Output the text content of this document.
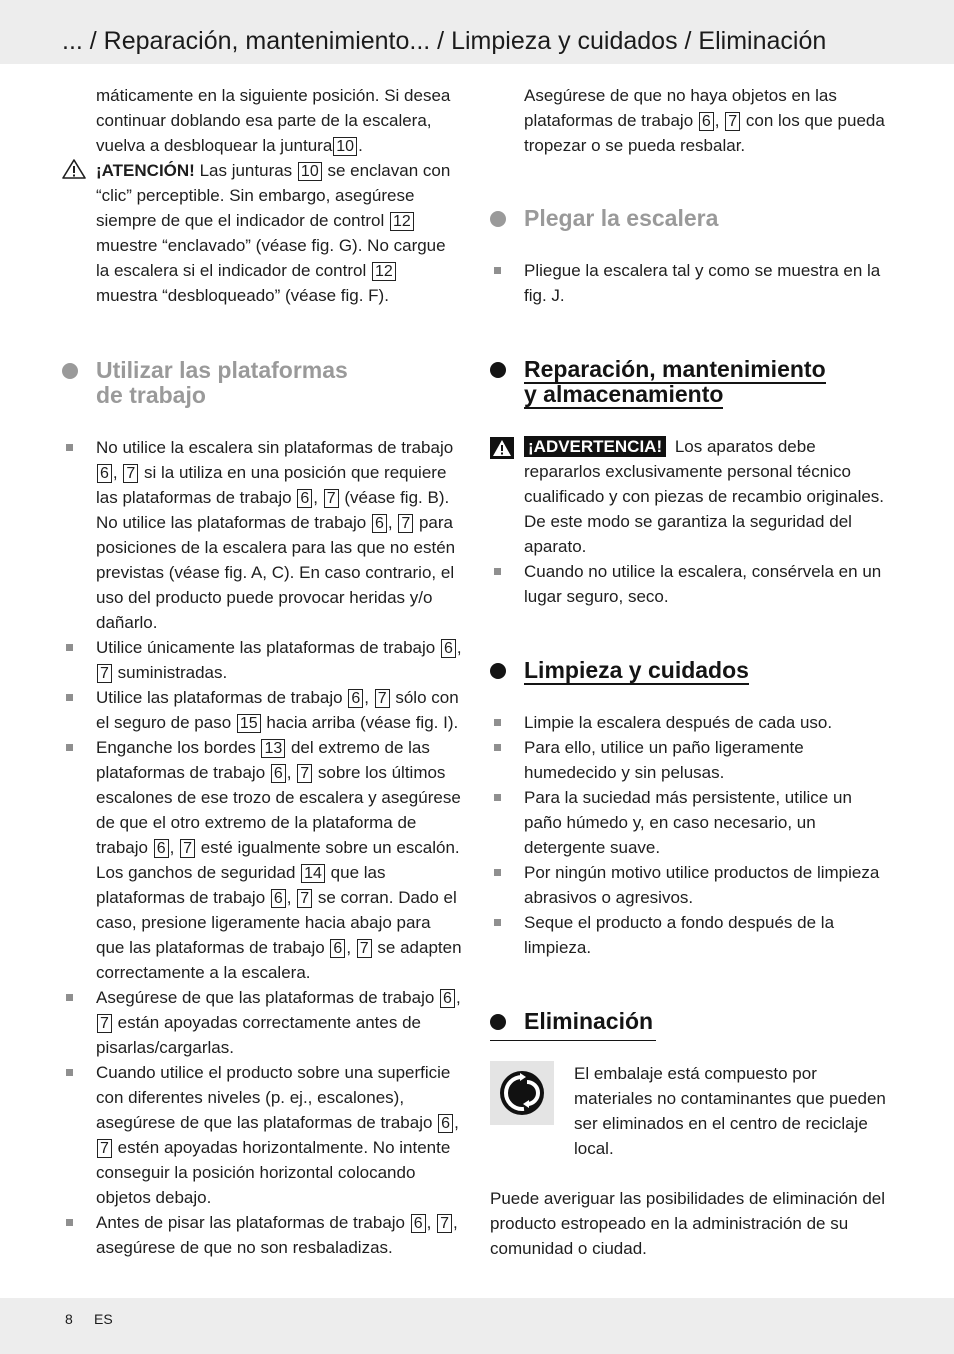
... / Reparación, mantenimiento... / Limpieza y cuidados / Eliminación
máticamente en la siguiente posición. Si desea continuar doblando esa parte de la escalera, vuelva a desbloquear la juntura 10 .
¡ATENCIÓN! Las junturas 10 se enclavan con “clic” perceptible. Sin embargo, asegúrese siempre de que el indicador de control 12 muestre “enclavado” (véase fig. G). No cargue la escalera si el indicador de control 12 muestra “desbloqueado” (véase fig. F).
Utilizar las plataformas
de trabajo
No utilice la escalera sin plataformas de trabajo 6 , 7 si la utiliza en una posición que requiere las plataformas de trabajo 6 , 7 (véase fig. B). No utilice las plataformas de trabajo 6 , 7 para posiciones de la escalera para las que no estén previstas (véase fig. A, C). En caso contrario, el uso del producto puede provocar heridas y/o dañarlo.
Utilice únicamente las plataformas de trabajo 6 , 7 suministradas.
Utilice las plataformas de trabajo 6 , 7 sólo con el seguro de paso 15 hacia arriba (véase fig. I).
Enganche los bordes 13 del extremo de las plataformas de trabajo 6 , 7 sobre los últimos escalones de ese trozo de escalera y asegúrese de que el otro extremo de la plataforma de trabajo 6 , 7 esté igualmente sobre un escalón. Los ganchos de seguridad 14 que las plataformas de trabajo 6 , 7 se corran. Dado el caso, presione ligeramente hacia abajo para que las plataformas de trabajo 6 , 7 se adapten correctamente a la escalera.
Asegúrese de que las plataformas de trabajo 6 , 7 están apoyadas correctamente antes de pisarlas/cargarlas.
Cuando utilice el producto sobre una superficie con diferentes niveles (p. ej., escalones), asegúrese de que las plataformas de trabajo 6 , 7 estén apoyadas horizontalmente. No intente conseguir la posición horizontal colocando objetos debajo.
Antes de pisar las plataformas de trabajo 6 , 7 , asegúrese de que no son resbaladizas.
Asegúrese de que no haya objetos en las plataformas de trabajo 6 , 7 con los que pueda tropezar o se pueda resbalar.
Plegar la escalera
Pliegue la escalera tal y como se muestra en la fig. J.
Reparación, mantenimiento
y almacenamiento
¡ADVERTENCIA! Los aparatos debe repararlos exclusivamente personal técnico cualificado y con piezas de recambio originales. De este modo se garantiza la seguridad del aparato.
Cuando no utilice la escalera, consérvela en un lugar seguro, seco.
Limpieza y cuidados
Limpie la escalera después de cada uso.
Para ello, utilice un paño ligeramente humedecido y sin pelusas.
Para la suciedad más persistente, utilice un paño húmedo y, en caso necesario, un detergente suave.
Por ningún motivo utilice productos de limpieza abrasivos o agresivos.
Seque el producto a fondo después de la limpieza.
Eliminación
El embalaje está compuesto por materiales no contaminantes que pueden ser eliminados en el centro de reciclaje local.
Puede averiguar las posibilidades de eliminación del producto estropeado en la administración de su comunidad o ciudad.
8 ES
